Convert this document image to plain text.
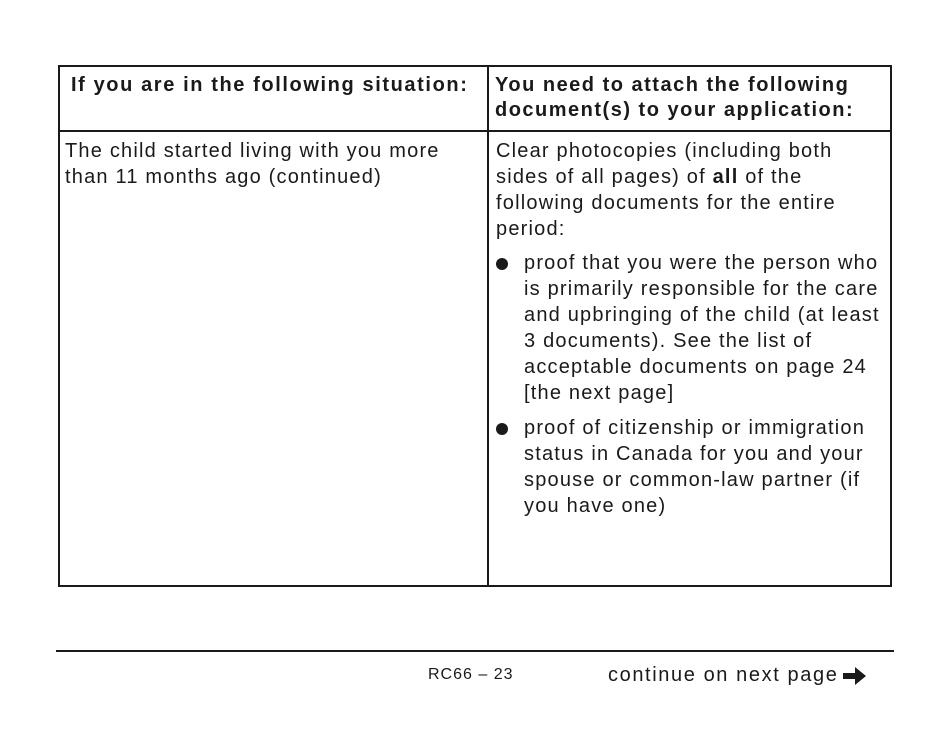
If you are in the following situation:	You need to attach the following document(s) to your application:
The child started living with you more than 11 months ago (continued)

Clear photocopies (including both sides of all pages) of all of the following documents for the entire period:

proof that you were the person who is primarily responsible for the care and upbringing of the child (at least 3 documents). See the list of acceptable documents on page 24 [the next page]
proof of citizenship or immigration status in Canada for you and your spouse or common-law partner (if you have one)
RC66 – 23	continue on next page
